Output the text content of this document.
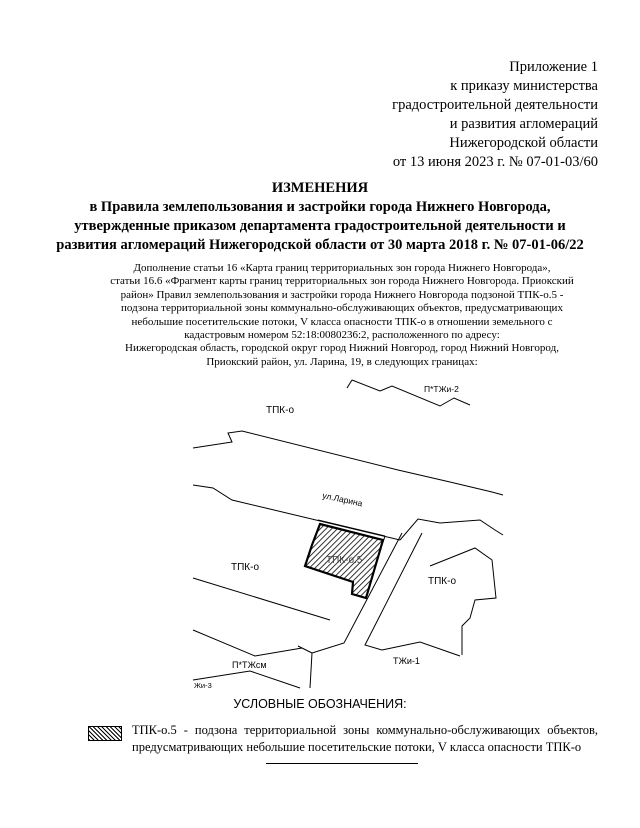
Приложение 1
к приказу министерства
градостроительной деятельности
и развития агломераций
Нижегородской области
от 13 июня 2023 г. № 07-01-03/60
ИЗМЕНЕНИЯ
в Правила землепользования и застройки города Нижнего Новгорода,
утвержденные приказом департамента градостроительной деятельности и
развития агломераций Нижегородской области от 30 марта 2018 г. № 07-01-06/22
Дополнение статьи 16 «Карта границ территориальных зон города Нижнего Новгорода»,
статьи 16.6 «Фрагмент карты границ территориальных зон города Нижнего Новгорода. Приокский
район» Правил землепользования и застройки города Нижнего Новгорода подзоной ТПК-о.5 -
подзона территориальной зоны коммунально-обслуживающих объектов, предусматривающих
небольшие посетительские потоки, V класса опасности ТПК-о в отношении земельного с
кадастровым номером 52:18:0080236:2, расположенного по адресу:
Нижегородская область, городской округ город Нижний Новгород, город Нижний Новгород,
Приокский район, ул. Ларина, 19, в следующих границах:
ТПК-о
П*ТЖи-2
ул.Ларина
ТПК-о.5
ТПК-о
ТПК-о
П*ТЖсм	ТЖи-1
Жи-3
УСЛОВНЫЕ ОБОЗНАЧЕНИЯ:
ТПК-о.5 - подзона территориальной зоны коммунально-обслуживающих объектов, предусматривающих небольшие посетительские потоки, V класса опасности ТПК-о
